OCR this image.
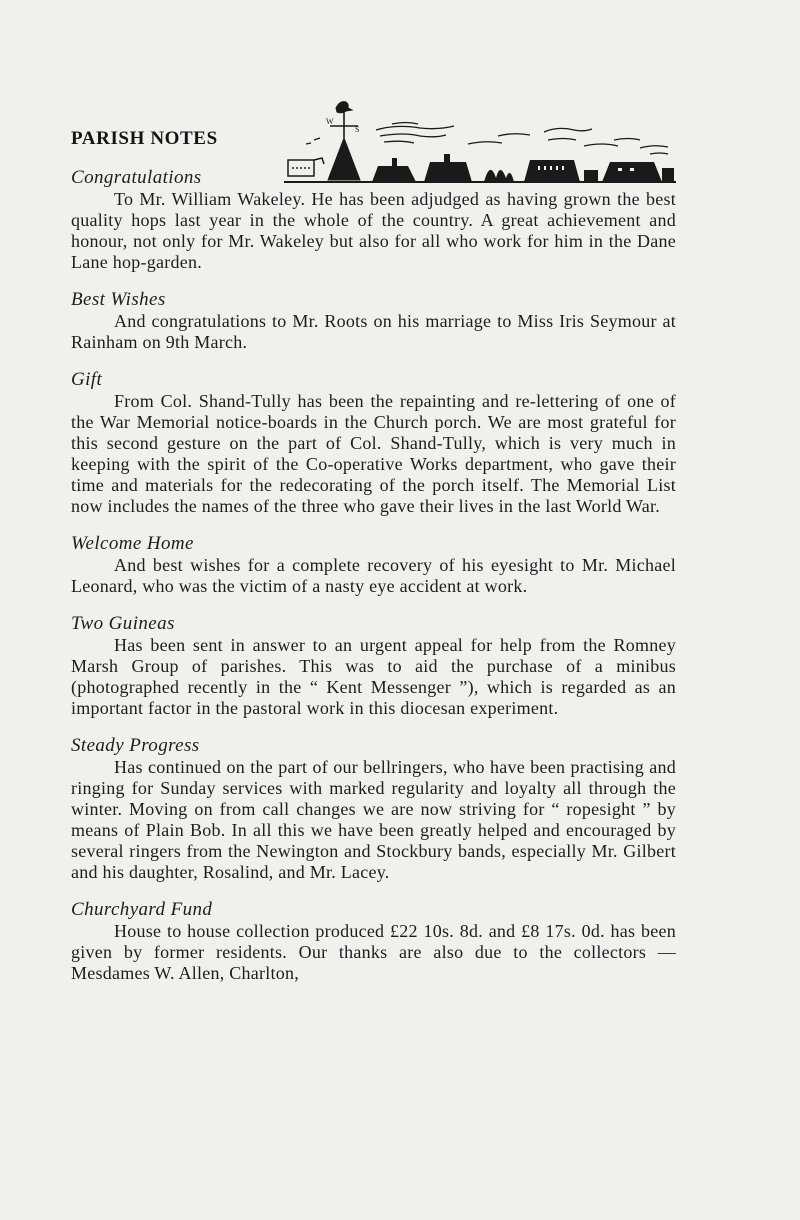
PARISH NOTES
W
S

Congratulations

To Mr. William Wakeley. He has been adjudged as having grown the best quality hops last year in the whole of the country. A great achievement and honour, not only for Mr. Wakeley but also for all who work for him in the Dane Lane hop-garden.

Best Wishes

And congratulations to Mr. Roots on his marriage to Miss Iris Seymour at Rainham on 9th March.

Gift

From Col. Shand-Tully has been the repainting and re-lettering of one of the War Memorial notice-boards in the Church porch. We are most grateful for this second gesture on the part of Col. Shand-Tully, which is very much in keeping with the spirit of the Co-operative Works department, who gave their time and materials for the redecorating of the porch itself. The Memorial List now includes the names of the three who gave their lives in the last World War.

Welcome Home

And best wishes for a complete recovery of his eyesight to Mr. Michael Leonard, who was the victim of a nasty eye accident at work.

Two Guineas

Has been sent in answer to an urgent appeal for help from the Romney Marsh Group of parishes. This was to aid the purchase of a minibus (photographed recently in the “ Kent Messenger ”), which is regarded as an important factor in the pastoral work in this diocesan experiment.

Steady Progress

Has continued on the part of our bellringers, who have been practising and ringing for Sunday services with marked regularity and loyalty all through the winter. Moving on from call changes we are now striving for “ ropesight ” by means of Plain Bob. In all this we have been greatly helped and encouraged by several ringers from the Newington and Stockbury bands, especially Mr. Gilbert and his daughter, Rosalind, and Mr. Lacey.

Churchyard Fund

House to house collection produced £22 10s. 8d. and £8 17s. 0d. has been given by former residents. Our thanks are also due to the collectors — Mesdames W. Allen, Charlton,
